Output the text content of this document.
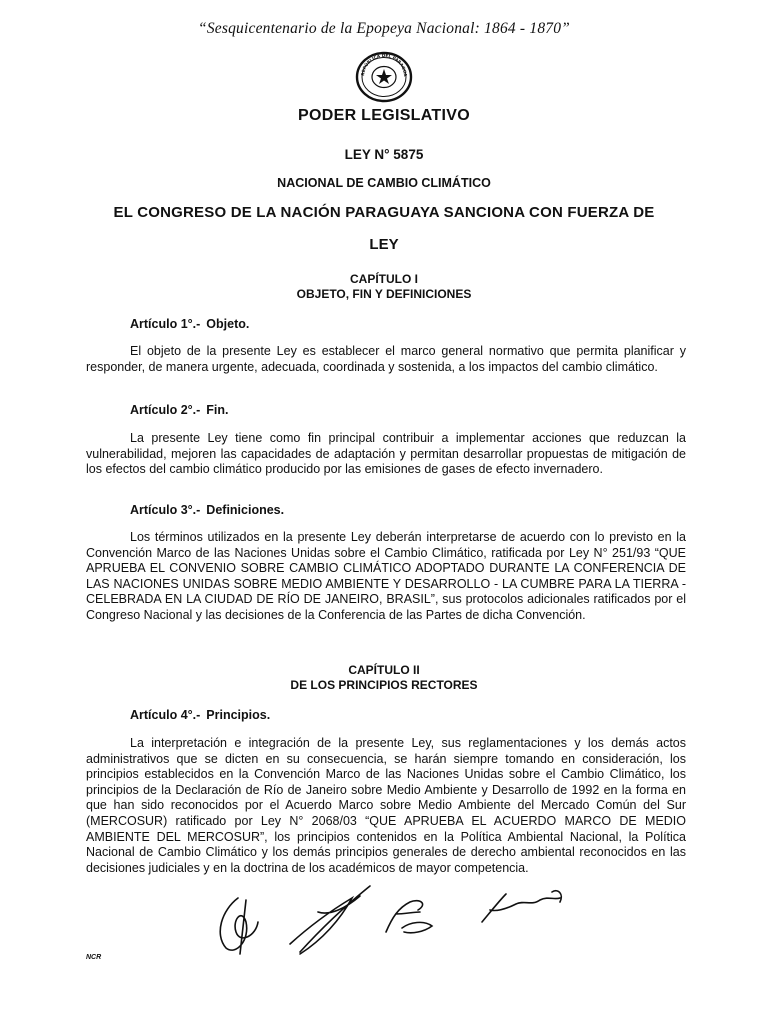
“Sesquicentenario de la Epopeya Nacional: 1864 - 1870”
REPÚBLICA DEL PARAGUA
PODER LEGISLATIVO
LEY N° 5875
NACIONAL DE CAMBIO CLIMÁTICO
EL CONGRESO DE LA NACIÓN PARAGUAYA SANCIONA CON FUERZA DE
LEY
CAPÍTULO I
OBJETO, FIN Y DEFINICIONES
Artículo 1°.- Objeto.

El objeto de la presente Ley es establecer el marco general normativo que permita planificar y responder, de manera urgente, adecuada, coordinada y sostenida, a los impactos del cambio climático.

Artículo 2°.- Fin.

La presente Ley tiene como fin principal contribuir a implementar acciones que reduzcan la vulnerabilidad, mejoren las capacidades de adaptación y permitan desarrollar propuestas de mitigación de los efectos del cambio climático producido por las emisiones de gases de efecto invernadero.

Artículo 3°.- Definiciones.

Los términos utilizados en la presente Ley deberán interpretarse de acuerdo con lo previsto en la Convención Marco de las Naciones Unidas sobre el Cambio Climático, ratificada por Ley N° 251/93 “QUE APRUEBA EL CONVENIO SOBRE CAMBIO CLIMÁTICO ADOPTADO DURANTE LA CONFERENCIA DE LAS NACIONES UNIDAS SOBRE MEDIO AMBIENTE Y DESARROLLO - LA CUMBRE PARA LA TIERRA - CELEBRADA EN LA CIUDAD DE RÍO DE JANEIRO, BRASIL”, sus protocolos adicionales ratificados por el Congreso Nacional y las decisiones de la Conferencia de las Partes de dicha Convención.

CAPÍTULO II
DE LOS PRINCIPIOS RECTORES
Artículo 4°.- Principios.

La interpretación e integración de la presente Ley, sus reglamentaciones y los demás actos administrativos que se dicten en su consecuencia, se harán siempre tomando en consideración, los principios establecidos en la Convención Marco de las Naciones Unidas sobre el Cambio Climático, los principios de la Declaración de Río de Janeiro sobre Medio Ambiente y Desarrollo de 1992 en la forma en que han sido reconocidos por el Acuerdo Marco sobre Medio Ambiente del Mercado Común del Sur (MERCOSUR) ratificado por Ley N° 2068/03 “QUE APRUEBA EL ACUERDO MARCO DE MEDIO AMBIENTE DEL MERCOSUR”, los principios contenidos en la Política Ambiental Nacional, la Política Nacional de Cambio Climático y los demás principios generales de derecho ambiental reconocidos en las decisiones judiciales y en la doctrina de los académicos de mayor competencia.

NCR
